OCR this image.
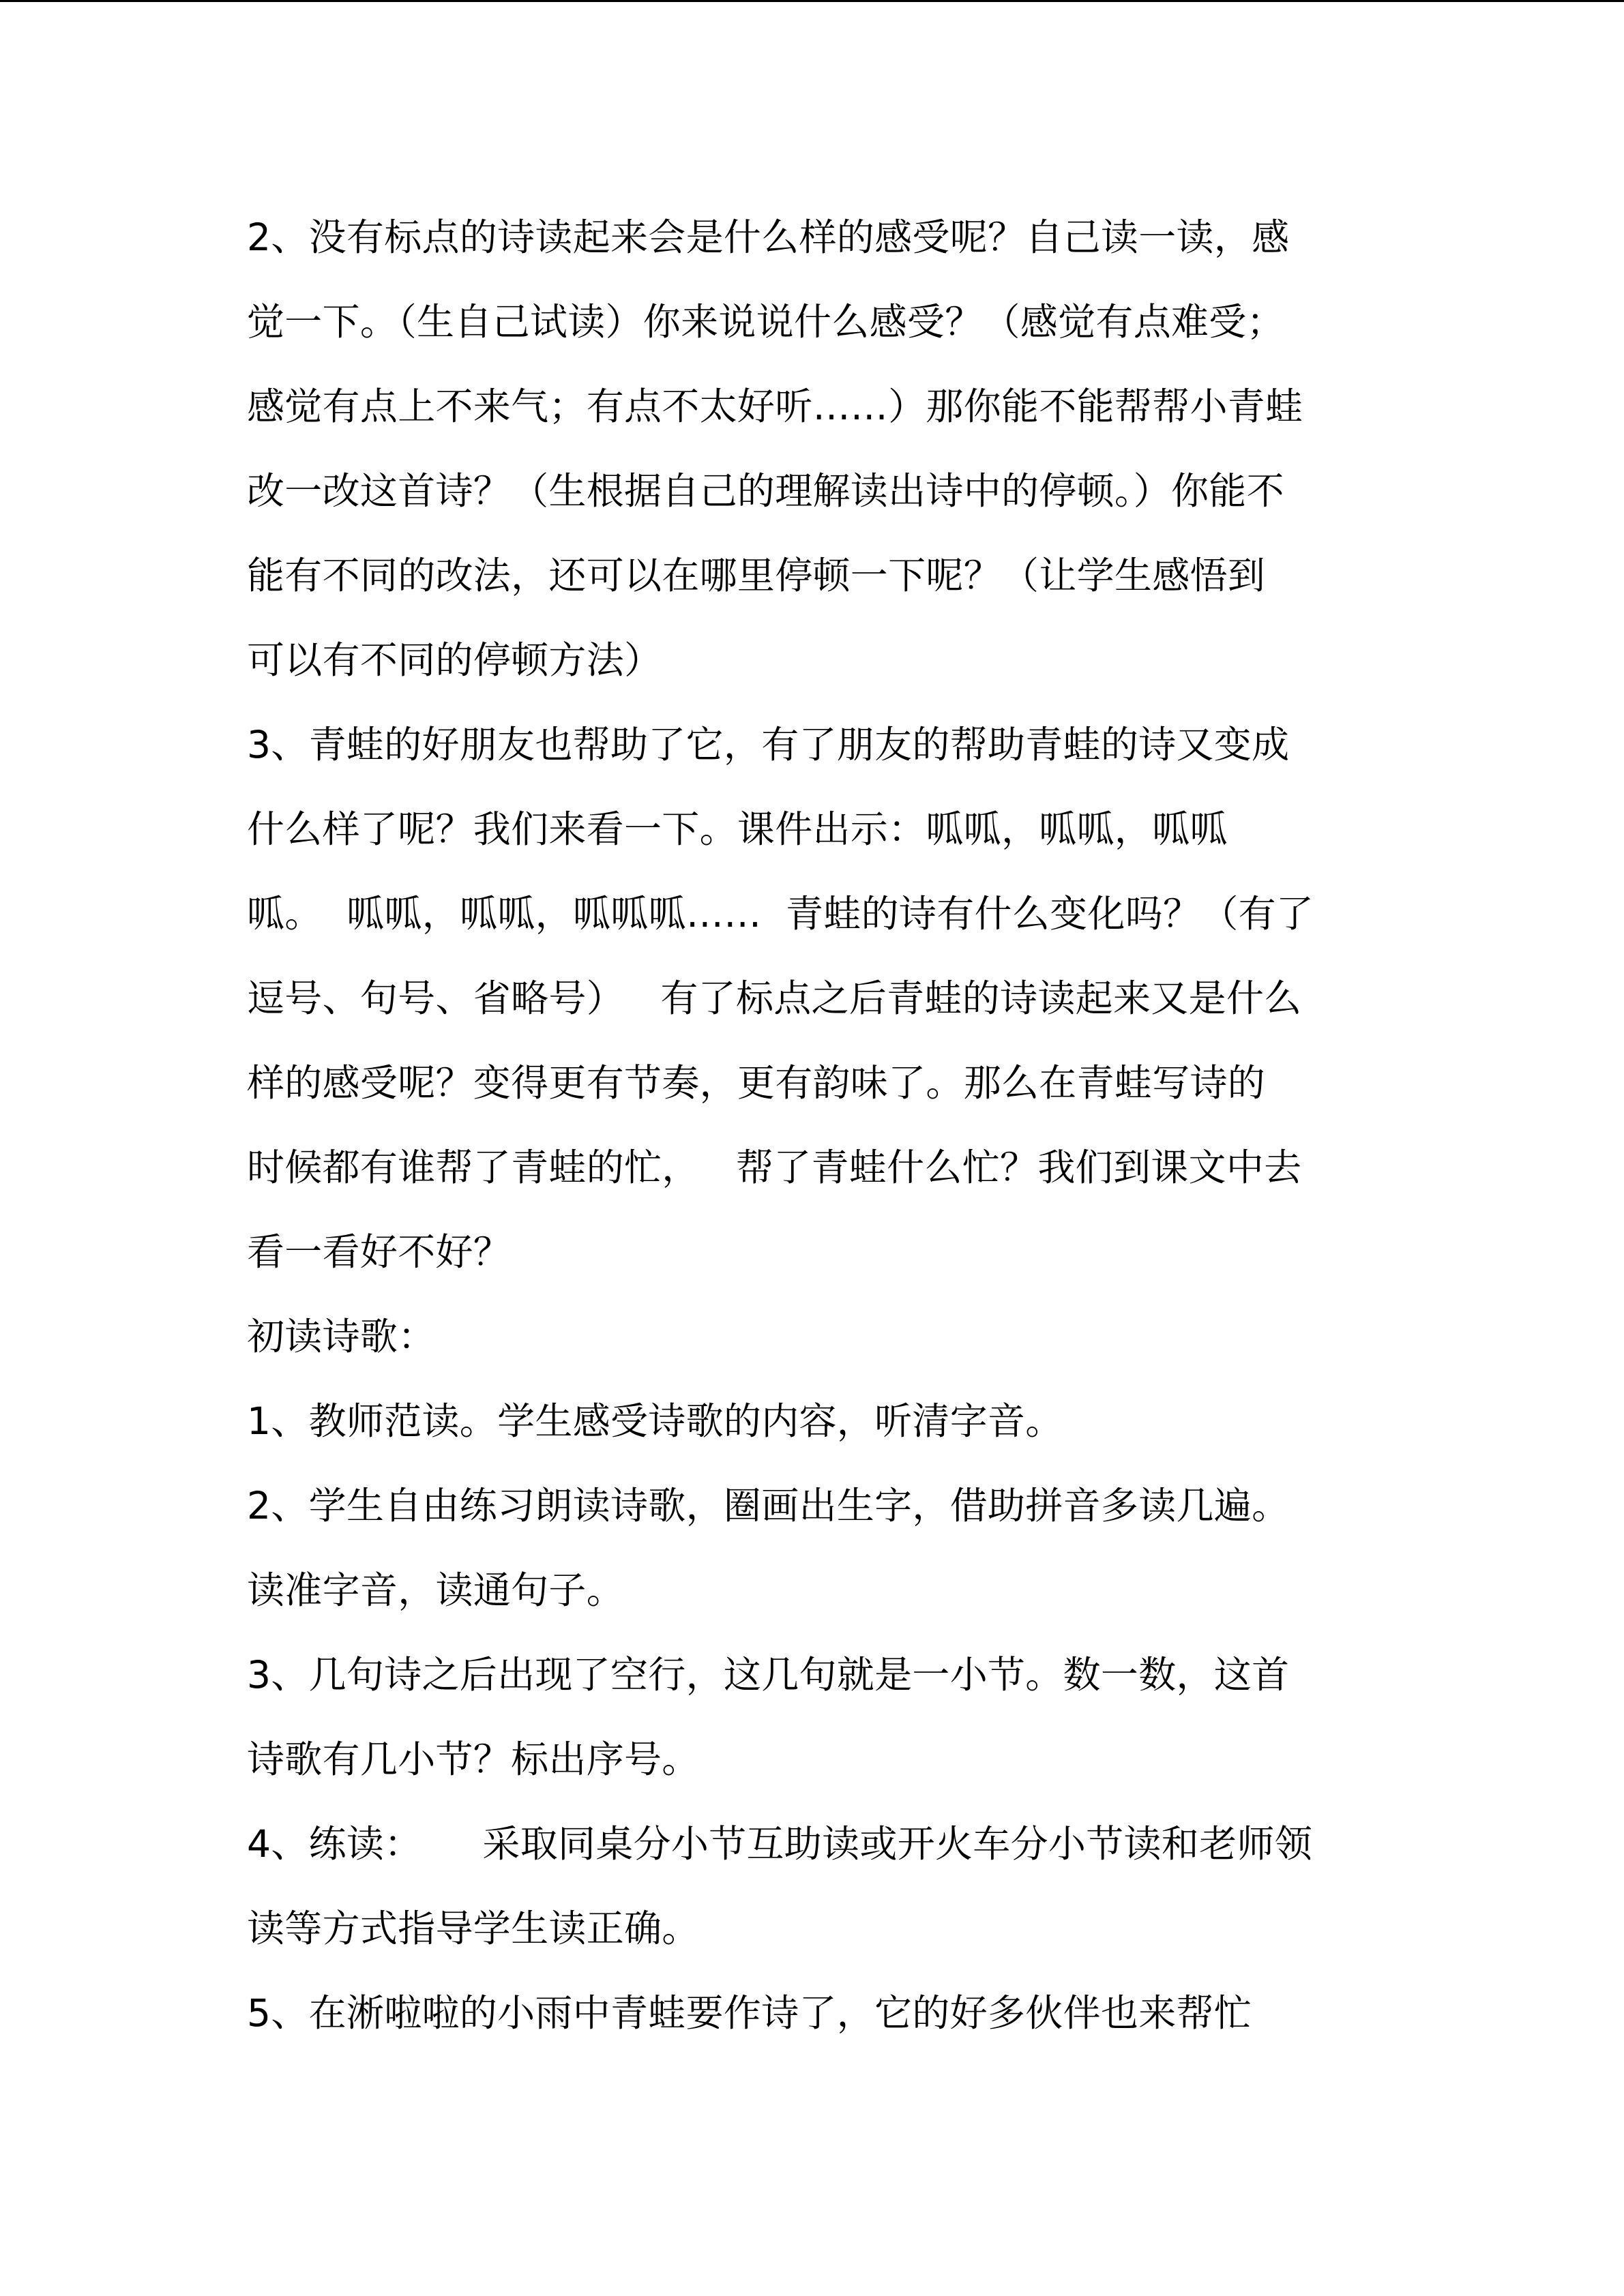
2、没有标点的诗读起来会是什么样的感受呢？自己读一读，感
觉一下。（生自己试读）你来说说什么感受？（感觉有点难受；
感觉有点上不来气；有点不太好听……）那你能不能帮帮小青蛙
改一改这首诗？（生根据自己的理解读出诗中的停顿。）你能不
能有不同的改法，还可以在哪里停顿一下呢？（让学生感悟到
可以有不同的停顿方法）
3、青蛙的好朋友也帮助了它，有了朋友的帮助青蛙的诗又变成
什么样了呢？我们来看一下。课件出示：呱呱，呱呱，呱呱
呱。  呱呱，呱呱，呱呱呱……  青蛙的诗有什么变化吗？（有了
逗号、句号、省略号）   有了标点之后青蛙的诗读起来又是什么
样的感受呢？变得更有节奏，更有韵味了。那么在青蛙写诗的
时候都有谁帮了青蛙的忙，   帮了青蛙什么忙？我们到课文中去
看一看好不好？
初读诗歌：
1、教师范读。学生感受诗歌的内容，听清字音。
2、学生自由练习朗读诗歌，圈画出生字，借助拼音多读几遍。
读准字音，读通句子。
3、几句诗之后出现了空行，这几句就是一小节。数一数，这首
诗歌有几小节？标出序号。
4、练读：     采取同桌分小节互助读或开火车分小节读和老师领
读等方式指导学生读正确。
5、在淅啦啦的小雨中青蛙要作诗了，它的好多伙伴也来帮忙
